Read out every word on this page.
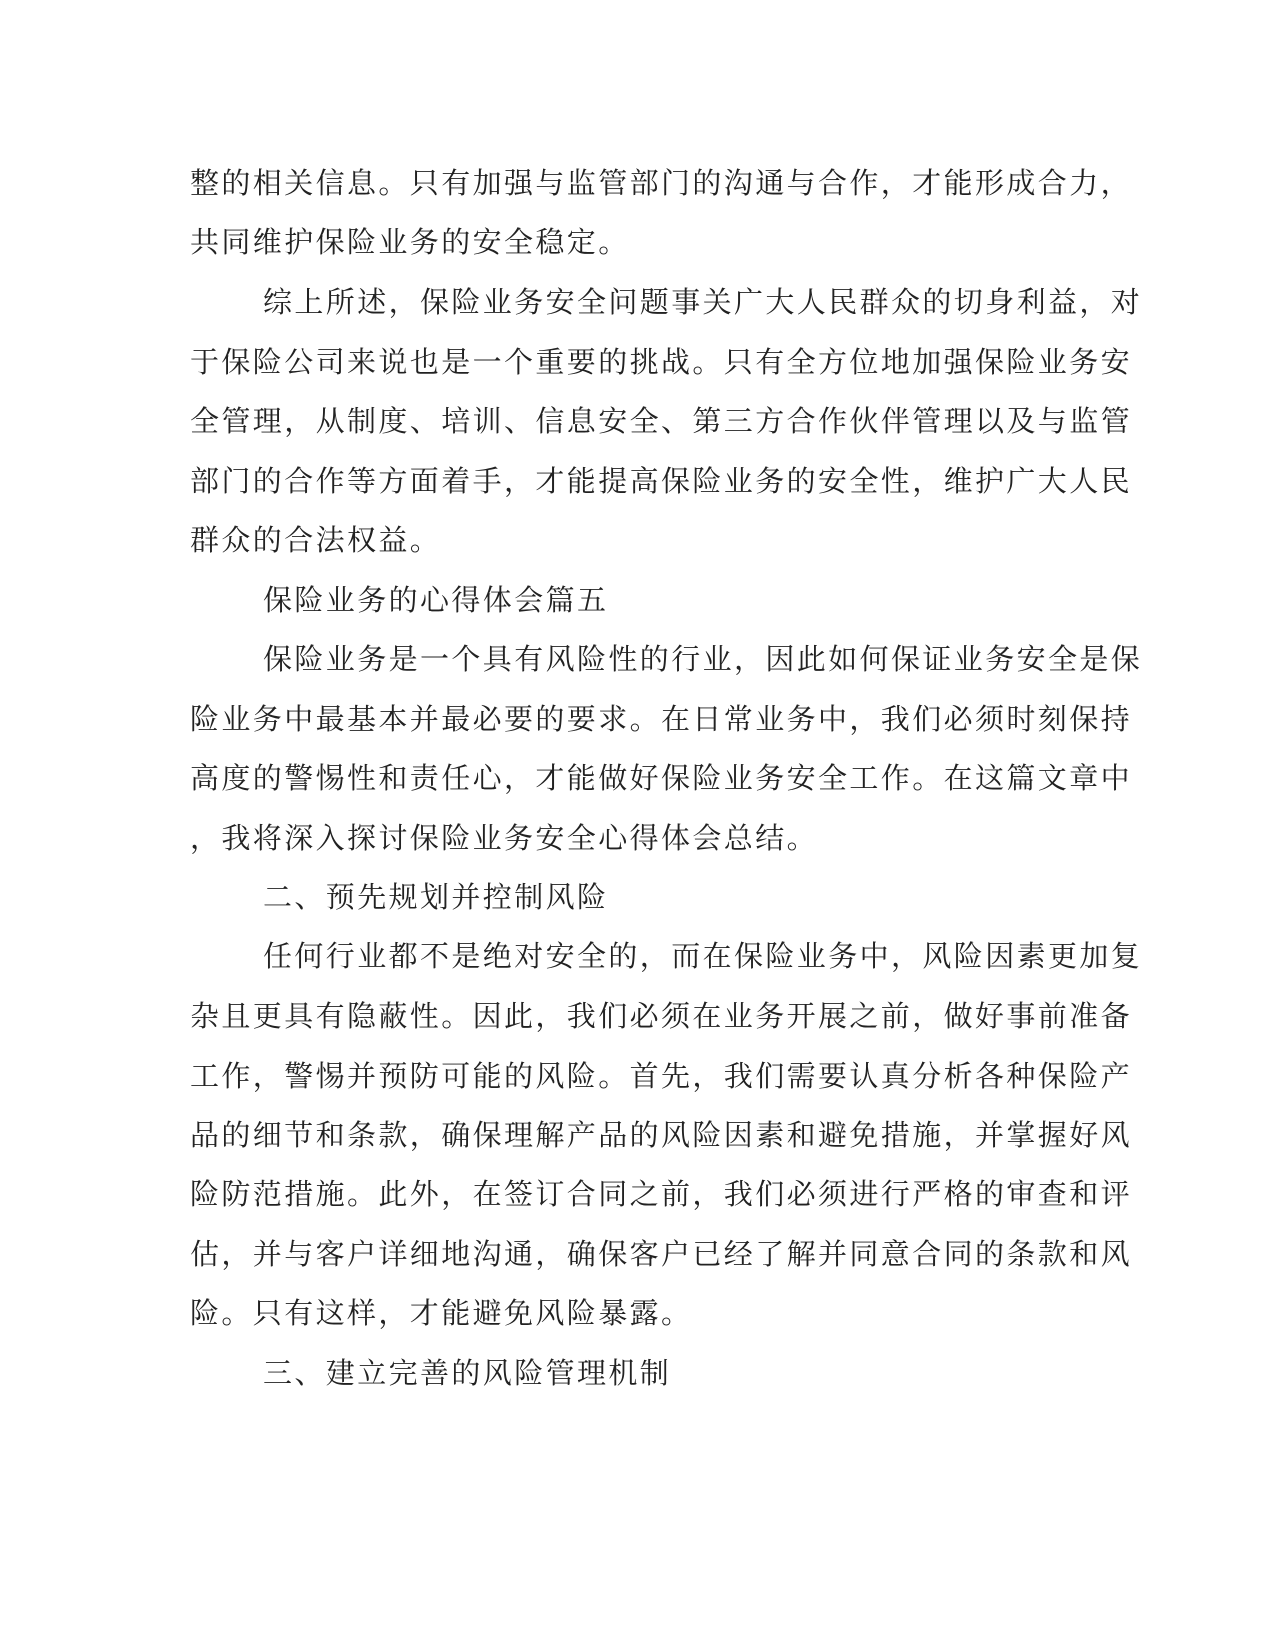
整的相关信息。只有加强与监管部门的沟通与合作，才能形成合力，
共同维护保险业务的安全稳定。
综上所述，保险业务安全问题事关广大人民群众的切身利益，对
于保险公司来说也是一个重要的挑战。只有全方位地加强保险业务安
全管理，从制度、培训、信息安全、第三方合作伙伴管理以及与监管
部门的合作等方面着手，才能提高保险业务的安全性，维护广大人民
群众的合法权益。
保险业务的心得体会篇五
保险业务是一个具有风险性的行业，因此如何保证业务安全是保
险业务中最基本并最必要的要求。在日常业务中，我们必须时刻保持
高度的警惕性和责任心，才能做好保险业务安全工作。在这篇文章中
，我将深入探讨保险业务安全心得体会总结。
二、预先规划并控制风险
任何行业都不是绝对安全的，而在保险业务中，风险因素更加复
杂且更具有隐蔽性。因此，我们必须在业务开展之前，做好事前准备
工作，警惕并预防可能的风险。首先，我们需要认真分析各种保险产
品的细节和条款，确保理解产品的风险因素和避免措施，并掌握好风
险防范措施。此外，在签订合同之前，我们必须进行严格的审查和评
估，并与客户详细地沟通，确保客户已经了解并同意合同的条款和风
险。只有这样，才能避免风险暴露。
三、建立完善的风险管理机制
